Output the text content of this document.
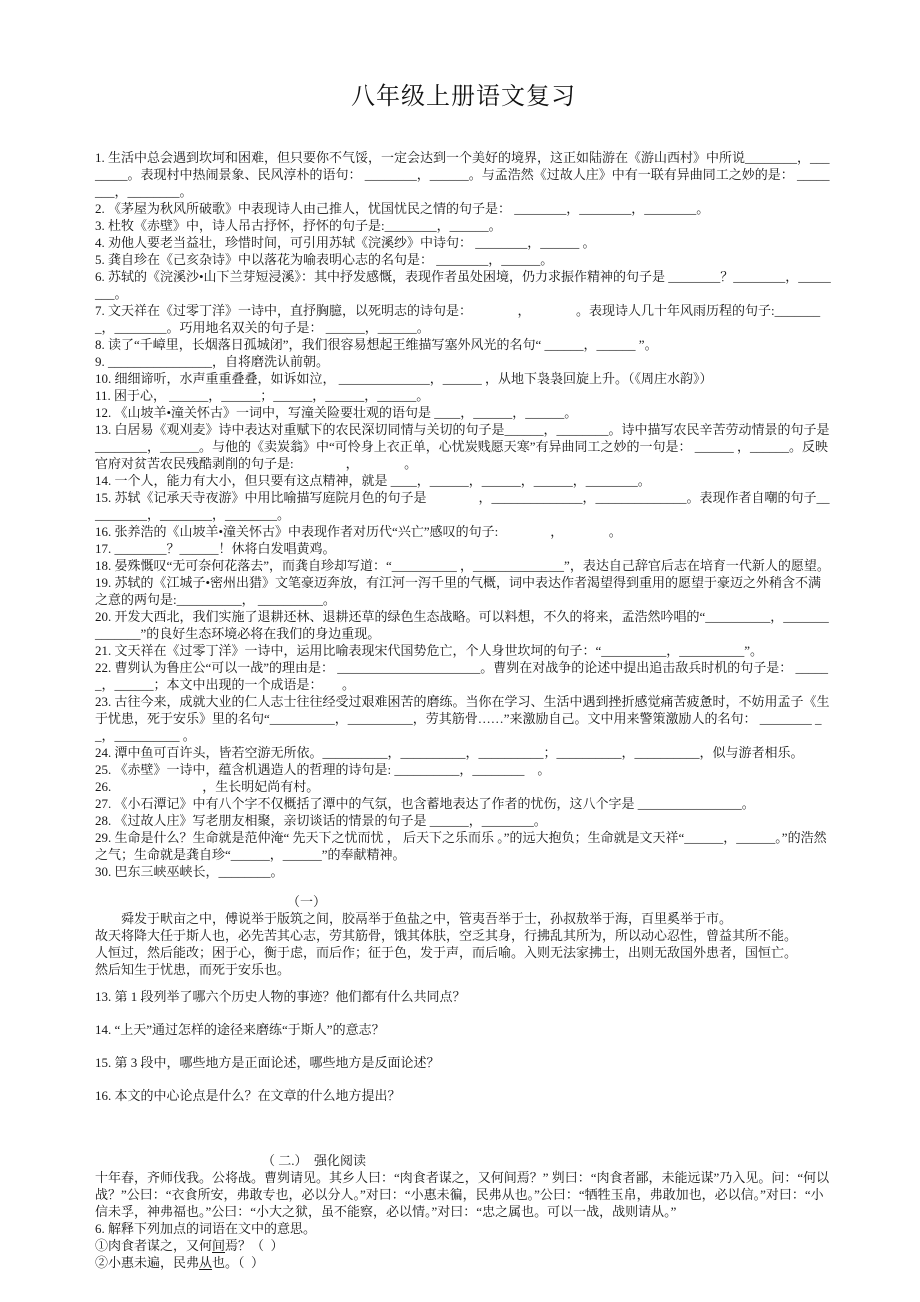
八年级上册语文复习

1. 生活中总会遇到坎坷和困难，但只要你不气馁，一定会达到一个美好的境界，这正如陆游在《游山西村》中所说________，________。表现村中热闹景象、民风淳朴的语句： ________，______。与孟浩然《过故人庄》中有一联有异曲同工之妙的是： ________，________。

2. 《茅屋为秋风所破歌》中表现诗人由己推人，忧国忧民之情的句子是： ________，________，________。

3. 杜牧《赤壁》中，诗人吊古抒怀，抒怀的句子是:________，______。

4. 劝他人要老当益壮，珍惜时间，可引用苏轼《浣溪纱》中诗句： ________，______ 。

5. 龚自珍在《己亥杂诗》中以落花为喻表明心志的名句是： ________，______。

6. 苏轼的《浣溪沙•山下兰芽短浸溪》：其中抒发感慨，表现作者虽处困境，仍力求振作精神的句子是 ________？________，________。

7. 文天祥在《过零丁洋》一诗中，直抒胸臆，以死明志的诗句是：　　　　，　　　　。表现诗人几十年风雨历程的句子:________，________。巧用地名双关的句子是： ______，______。

8. 读了“千嶂里，长烟落日孤城闭”，我们很容易想起王维描写塞外风光的名句“ ______，______ ”。

9. ________________，自将磨洗认前朝。

10. 细细谛听，水声重重叠叠，如诉如泣， ______________，______ ，从地下袅袅回旋上升。（《周庄水韵》）

11. 困于心， ______，______；______，______，______。

12. 《山坡羊•潼关怀古》一词中，写潼关险要壮观的语句是 ____，______，______。

13. 白居易《观刈麦》诗中表达对重赋下的农民深切同情与关切的句子是______，________。诗中描写农民辛苦劳动情景的句子是 ________，______。与他的《卖炭翁》中“可怜身上衣正单，心忧炭贱愿天寒”有异曲同工之妙的一句是： ______ ，______。反映官府对贫苦农民残酷剥削的句子是:　　　　，　　　　。

14. 一个人，能力有大小，但只要有这点精神，就是 ____，______，______，______，________。

15. 苏轼《记承天寺夜游》中用比喻描写庭院月色的句子是　　　　，______________，______________。表现作者自嘲的句子__________，________，________。

16. 张养浩的《山坡羊•潼关怀古》中表现作者对历代“兴亡”感叹的句子:　　　　，　　　　。

17. ________？______！休将白发唱黄鸡。

18. 晏殊慨叹“无可奈何花落去”，而龚自珍却写道：“__________ ，______________”，表达自己辞官后志在培育一代新人的愿望。

19. 苏轼的《江城子•密州出猎》文笔豪迈奔放，有江河一泻千里的气概，词中表达作者渴望得到重用的愿望于豪迈之外稍含不满之意的两句是:__________， __________。

20. 开发大西北，我们实施了退耕还林、退耕还草的绿色生态战略。可以料想，不久的将来，孟浩然吟唱的“__________，______________”的良好生态环境必将在我们的身边重现。

21. 文天祥在《过零丁洋》一诗中，运用比喻表现宋代国势危亡，个人身世坎坷的句子：“__________，__________”。

22. 曹刿认为鲁庄公“可以一战”的理由是： ______________________。曹刿在对战争的论述中提出追击敌兵时机的句子是： ______，______；本文中出现的一个成语是：　　。

23. 古往今来，成就大业的仁人志士往往经受过艰难困苦的磨练。当你在学习、生活中遇到挫折感觉痛苦疲惫时，不妨用孟子《生于忧患，死于安乐》里的名句“__________，__________，劳其筋骨……”来激励自己。文中用来警策激励人的名句： ________ __，__________ 。

24. 潭中鱼可百许头，皆若空游无所依。__________，__________，__________；__________，__________，似与游者相乐。

25. 《赤壁》一诗中，蕴含机遇造人的哲理的诗句是: __________，________　。

26.　　　　　　　，生长明妃尚有村。

27. 《小石潭记》中有八个字不仅概括了潭中的气氛，也含蓄地表达了作者的忧伤，这八个字是 ________________。

28. 《过故人庄》写老朋友相聚，亲切谈话的情景的句子是 ______，________。

29. 生命是什么？生命就是范仲淹“ 先天下之忧而忧 ， 后天下之乐而乐 。”的远大抱负；生命就是文天祥“______，______。”的浩然之气；生命就是龚自珍“______，______”的奉献精神。

30. 巴东三峡巫峡长，________。

（一）

舜发于畎亩之中，傅说举于版筑之间，胶鬲举于鱼盐之中，管夷吾举于士，孙叔敖举于海，百里奚举于市。

故天将降大任于斯人也，必先苦其心志，劳其筋骨，饿其体肤，空乏其身，行拂乱其所为，所以动心忍性，曾益其所不能。

人恒过，然后能改；困于心，衡于虑，而后作；征于色，发于声，而后喻。入则无法家拂士，出则无敌国外患者，国恒亡。

然后知生于忧患，而死于安乐也。

13. 第 1 段列举了哪六个历史人物的事迹？他们都有什么共同点？

14. “上天”通过怎样的途径来磨练“于斯人”的意志？

15. 第 3 段中，哪些地方是正面论述，哪些地方是反面论述？

16. 本文的中心论点是什么？在文章的什么地方提出？

（ 二.）  强化阅读

十年春，齐师伐我。公将战。曹刿请见。其乡人曰：“肉食者谋之，又何间焉？” 刿曰：“肉食者鄙，未能远谋”乃入见。问：“何以战？”公曰：“衣食所安，弗敢专也，必以分人。”对曰：“小惠未徧，民弗从也。”公曰：“牺牲玉帛，弗敢加也，必以信。”对曰：“小信未孚，神弗福也。”公曰：“小大之狱，虽不能察，必以情。”对曰：“忠之属也。可以一战，战则请从。”

6. 解释下列加点的词语在文中的意思。

①肉食者谋之，又何间焉？（  ）

②小惠未遍，民弗从也。（  ）
